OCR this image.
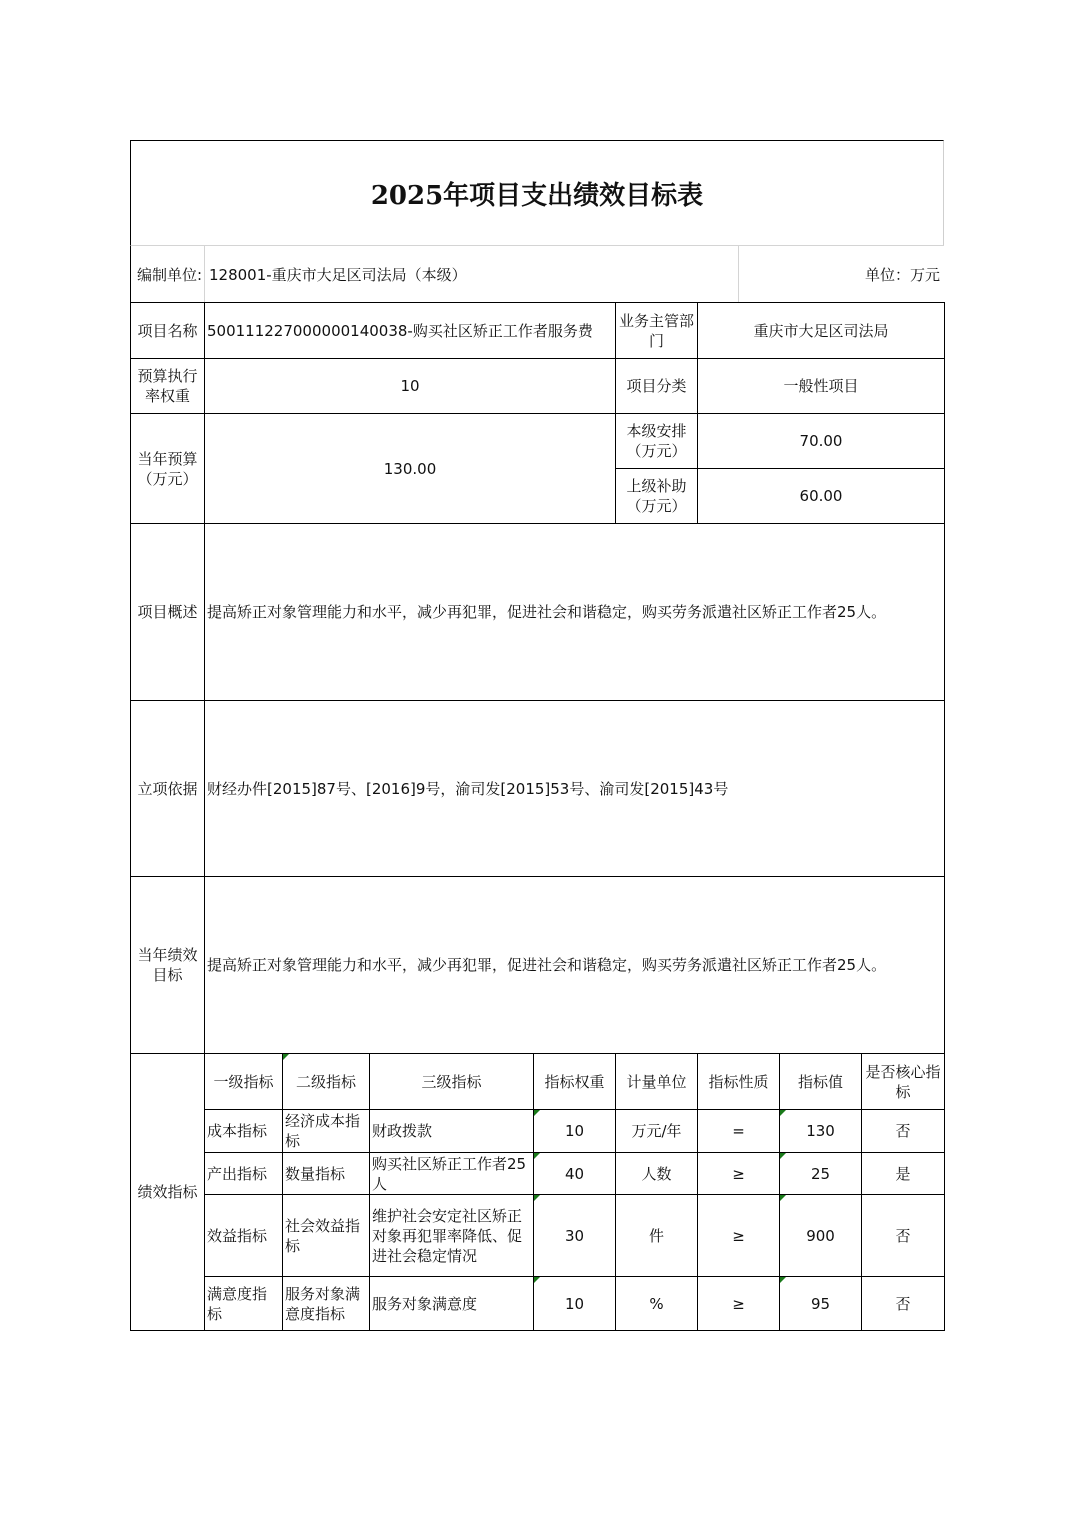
2025年项目支出绩效目标表
编制单位: 128001-重庆市大足区司法局（本级）	单位：万元
项目名称	500111227000000140038-购买社区矫正工作者服务费				业务主管部门	重庆市大足区司法局		
预算执行率权重	10				项目分类	一般性项目		
当年预算（万元）	130.00				本级安排（万元）	70.00		
					上级补助（万元）	60.00		
项目概述	提高矫正对象管理能力和水平，减少再犯罪，促进社会和谐稳定，购买劳务派遣社区矫正工作者25人。							
立项依据	财经办件[2015]87号、[2016]9号，渝司发[2015]53号、渝司发[2015]43号							
当年绩效目标	提高矫正对象管理能力和水平，减少再犯罪，促进社会和谐稳定，购买劳务派遣社区矫正工作者25人。							
绩效指标	一级指标	二级指标	三级指标	指标权重	计量单位	指标性质	指标值	是否核心指标
	成本指标	经济成本指标	财政拨款	10	万元/年	=	130	否
	产出指标	数量指标	购买社区矫正工作者25人	40	人数	≥	25	是
	效益指标	社会效益指标	维护社会安定社区矫正对象再犯罪率降低、促进社会稳定情况	30	件	≥	900	否
	满意度指标	服务对象满意度指标	服务对象满意度	10	%	≥	95	否
